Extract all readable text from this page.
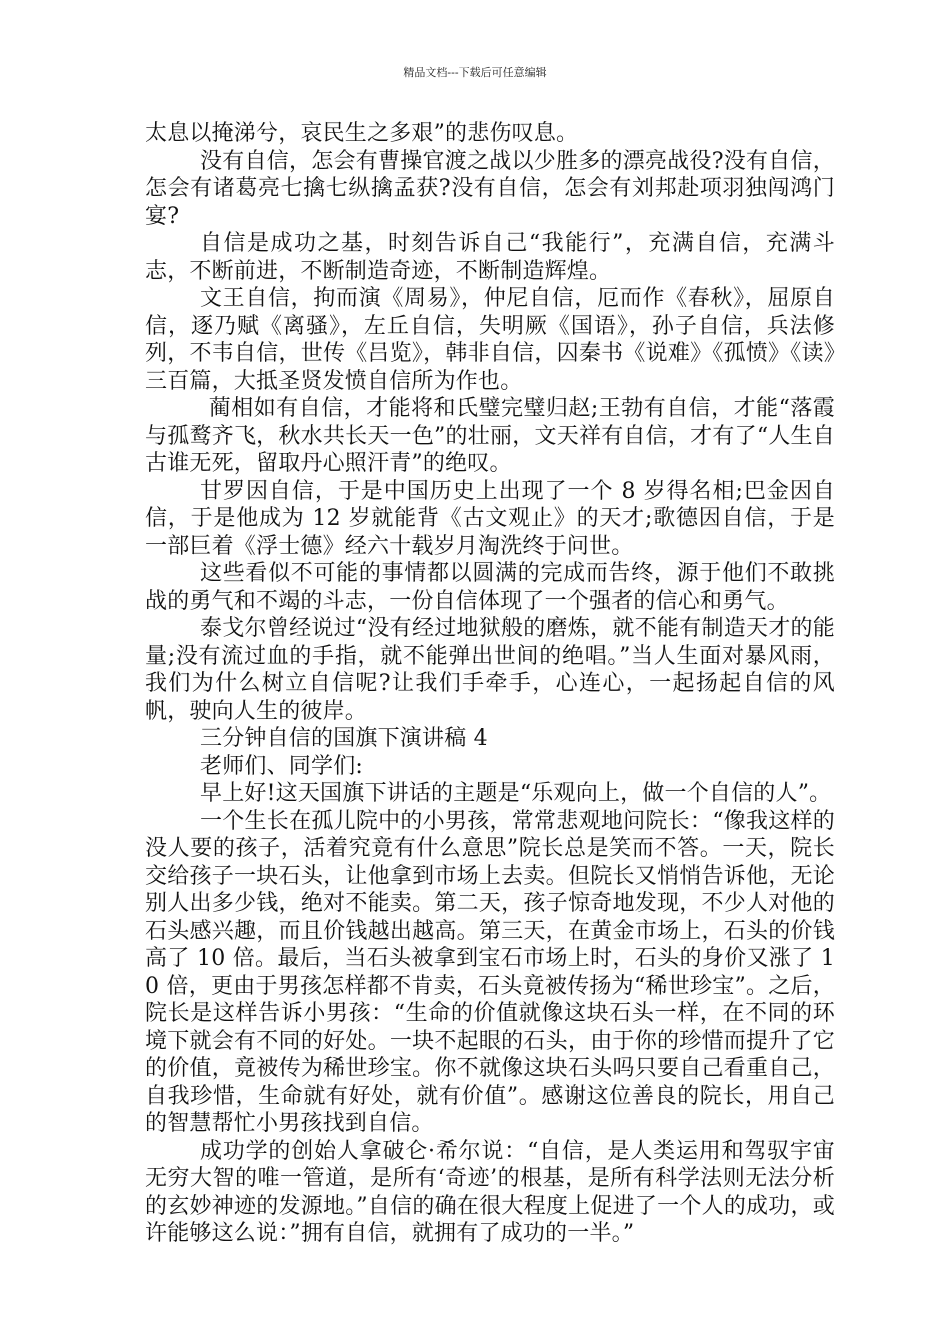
精品文档---下载后可任意编辑

太息以掩涕兮，哀民生之多艰”的悲伤叹息。

没有自信，怎会有曹操官渡之战以少胜多的漂亮战役?没有自信，怎会有诸葛亮七擒七纵擒孟获?没有自信，怎会有刘邦赴项羽独闯鸿门宴?

自信是成功之基，时刻告诉自己“我能行”，充满自信，充满斗志，不断前进，不断制造奇迹，不断制造辉煌。

文王自信，拘而演《周易》，仲尼自信，厄而作《春秋》，屈原自信，逐乃赋《离骚》，左丘自信，失明厥《国语》，孙子自信，兵法修列，不韦自信，世传《吕览》，韩非自信，囚秦书《说难》《孤愤》《读》三百篇，大抵圣贤发愤自信所为作也。

蔺相如有自信，才能将和氏璧完璧归赵;王勃有自信，才能“落霞与孤鹜齐飞，秋水共长天一色”的壮丽，文天祥有自信，才有了“人生自古谁无死，留取丹心照汗青”的绝叹。

甘罗因自信，于是中国历史上出现了一个 8 岁得名相;巴金因自信，于是他成为 12 岁就能背《古文观止》的天才;歌德因自信，于是一部巨着《浮士德》经六十载岁月淘洗终于问世。

这些看似不可能的事情都以圆满的完成而告终，源于他们不敢挑战的勇气和不竭的斗志，一份自信体现了一个强者的信心和勇气。

泰戈尔曾经说过“没有经过地狱般的磨炼，就不能有制造天才的能量;没有流过血的手指，就不能弹出世间的绝唱。”当人生面对暴风雨，我们为什么树立自信呢?让我们手牵手，心连心，一起扬起自信的风帆，驶向人生的彼岸。

三分钟自信的国旗下演讲稿 4

老师们、同学们:

早上好!这天国旗下讲话的主题是“乐观向上，做一个自信的人”。

一个生长在孤儿院中的小男孩，常常悲观地问院长：“像我这样的没人要的孩子，活着究竟有什么意思”院长总是笑而不答。一天，院长交给孩子一块石头，让他拿到市场上去卖。但院长又悄悄告诉他，无论别人出多少钱，绝对不能卖。第二天，孩子惊奇地发现，不少人对他的石头感兴趣，而且价钱越出越高。第三天，在黄金市场上，石头的价钱高了 10 倍。最后，当石头被拿到宝石市场上时，石头的身价又涨了 10 倍，更由于男孩怎样都不肯卖，石头竟被传扬为“稀世珍宝”。之后，院长是这样告诉小男孩：“生命的价值就像这块石头一样，在不同的环境下就会有不同的好处。一块不起眼的石头，由于你的珍惜而提升了它的价值，竟被传为稀世珍宝。你不就像这块石头吗只要自己看重自己，自我珍惜，生命就有好处，就有价值”。感谢这位善良的院长，用自己的智慧帮忙小男孩找到自信。

成功学的创始人拿破仑·希尔说：“自信，是人类运用和驾驭宇宙无穷大智的唯一管道，是所有‘奇迹’的根基，是所有科学法则无法分析的玄妙神迹的发源地。”自信的确在很大程度上促进了一个人的成功，或许能够这么说：”拥有自信，就拥有了成功的一半。”
